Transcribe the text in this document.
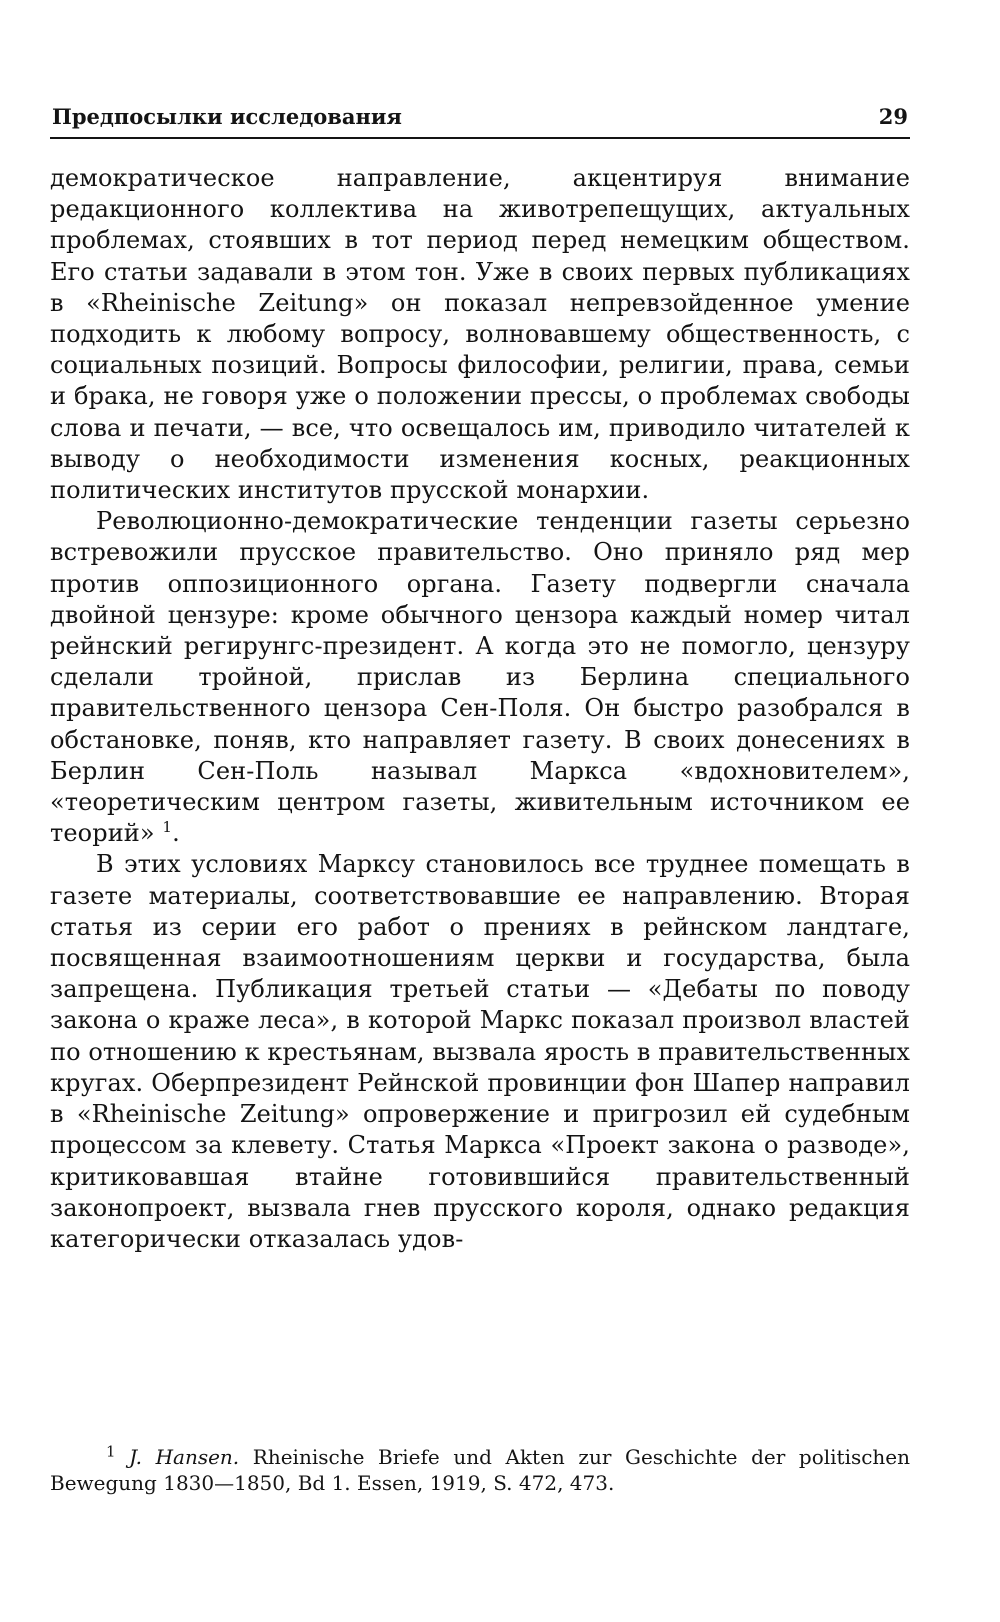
Предпосылки исследования	29

демократическое направление, акцентируя внимание редакционного коллектива на животрепещущих, актуальных проблемах, стоявших в тот период перед немецким обществом. Его статьи задавали в этом тон. Уже в своих первых публикациях в «Rheinische Zeitung» он показал непревзойденное умение подходить к любому вопросу, волновавшему общественность, с социальных позиций. Вопросы философии, религии, права, семьи и брака, не говоря уже о положении прессы, о проблемах свободы слова и печати, — все, что освещалось им, приводило читателей к выводу о необходимости изменения косных, реакционных политических институтов прусской монархии.

Революционно-демократические тенденции газеты серьезно встревожили прусское правительство. Оно приняло ряд мер против оппозиционного органа. Газету подвергли сначала двойной цензуре: кроме обычного цензора каждый номер читал рейнский регирунгс-президент. А когда это не помогло, цензуру сделали тройной, прислав из Берлина специального правительственного цензора Сен-Поля. Он быстро разобрался в обстановке, поняв, кто направляет газету. В своих донесениях в Берлин Сен-Поль называл Маркса «вдохновителем», «теоретическим центром газеты, живительным источником ее теорий» $^1$.

В этих условиях Марксу становилось все труднее помещать в газете материалы, соответствовавшие ее направлению. Вторая статья из серии его работ о прениях в рейнском ландтаге, посвященная взаимоотношениям церкви и государства, была запрещена. Публикация третьей статьи — «Дебаты по поводу закона о краже леса», в которой Маркс показал произвол властей по отношению к крестьянам, вызвала ярость в правительственных кругах. Оберпрезидент Рейнской провинции фон Шапер направил в «Rheinische Zeitung» опровержение и пригрозил ей судебным процессом за клевету. Статья Маркса «Проект закона о разводе», критиковавшая втайне готовившийся правительственный законопроект, вызвала гнев прусского короля, однако редакция категорически отказалась удов-

$^1$ J. Hansen. Rheinische Briefe und Akten zur Geschichte der politischen Bewegung 1830—1850, Bd 1. Essen, 1919, S. 472, 473.
